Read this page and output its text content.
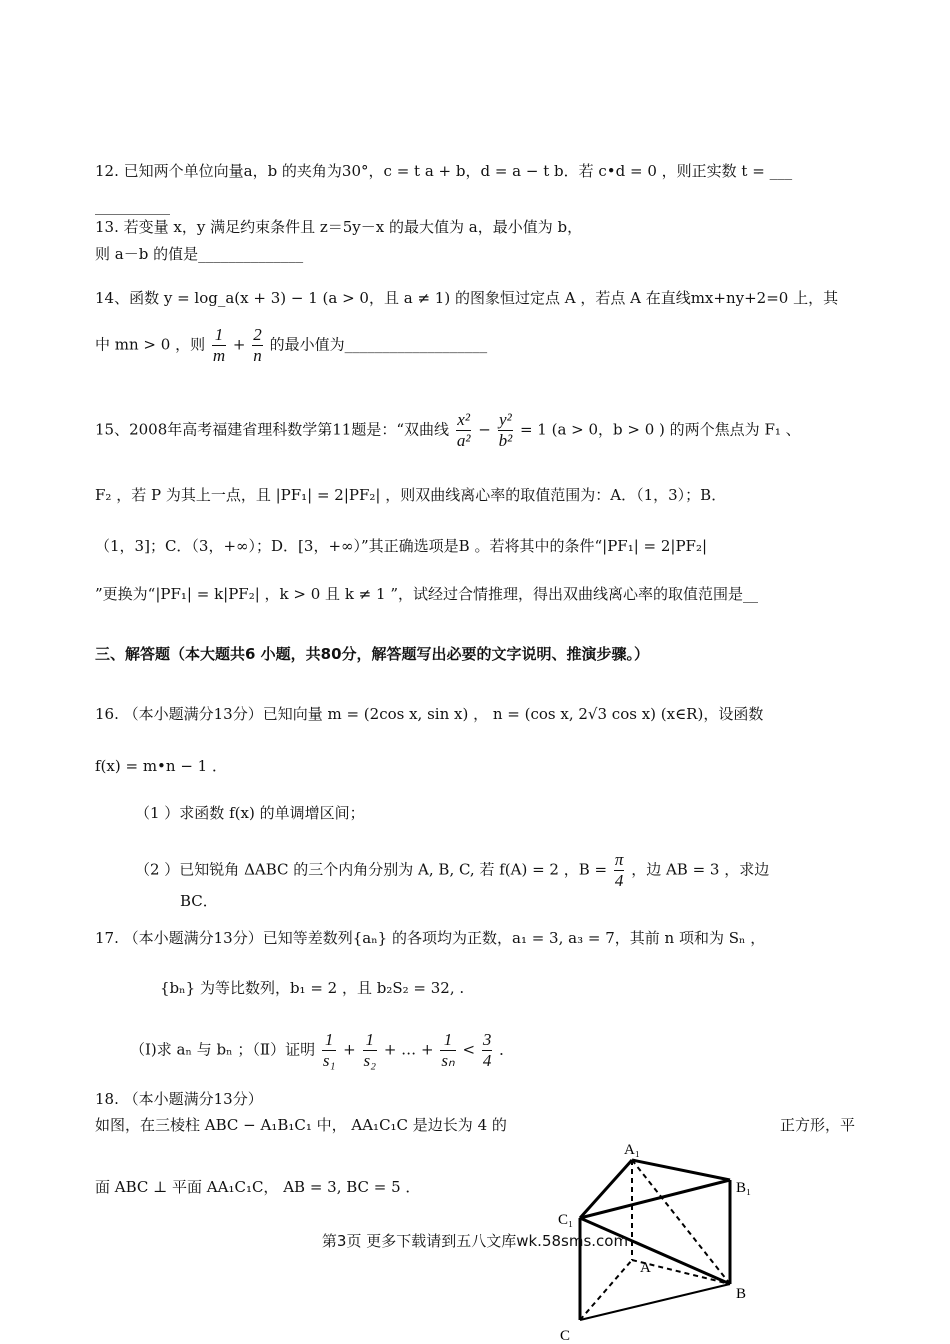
12. 已知两个单位向量a，b 的夹角为30°，c = t a + b，d = a − t b．若 c•d = 0 ，则正实数 t = ___
__________
13. 若变量 x，y 满足约束条件且 z＝5y－x 的最大值为 a，最小值为 b，
则 a－b 的值是______________
14、函数 y = log_a(x + 3) − 1 (a > 0，且 a ≠ 1) 的图象恒过定点 A ，若点 A 在直线mx+ny+2=0 上，其
中 mn > 0 ，则 $\frac{1}{m} + \frac{2}{n}$ 的最小值为___________________
15、2008年高考福建省理科数学第11题是：“双曲线 $\frac{\text{x²}}{\text{a²}} - \frac{\text{y²}}{\text{b²}} = 1$ (a > 0，b > 0 ) 的两个焦点为 F₁ 、
F₂ ，若 P 为其上一点，且 |PF₁| = 2|PF₂| ，则双曲线离心率的取值范围为：A．（1，3）；B．
（1，3]；C．（3，+∞）；D．[3，+∞）”其正确选项是B 。若将其中的条件“|PF₁| = 2|PF₂|
”更换为“|PF₁| = k|PF₂| ，k > 0 且 k ≠ 1 ”，试经过合情推理，得出双曲线离心率的取值范围是__
三、解答题（本大题共6 小题，共80分，解答题写出必要的文字说明、推演步骤。）
16. （本小题满分13分）已知向量 m = (2cos x, sin x) ， n = (cos x, 2√3 cos x) (x∈R)，设函数
f(x) = m•n − 1 ．
（1 ）求函数 f(x) 的单调增区间；
（2 ）已知锐角 ΔABC 的三个内角分别为 A, B, C, 若 f(A) = 2 ，$B = \frac{\pi}{4}$ ，边 AB = 3 ，求边
BC．
17. （本小题满分13分）已知等差数列{aₙ} 的各项均为正数，a₁ = 3, a₃ = 7，其前 n 项和为 Sₙ ，
{bₙ} 为等比数列，b₁ = 2 ，且 b₂S₂ = 32, .
（Ⅰ)求 aₙ 与 bₙ ；（Ⅱ）证明 $\frac{1}{\text{s₁}} + \frac{1}{\text{s₂}}$ + … + $\frac{1}{\text{sₙ}} < \frac{3}{4}$ ．
18. （本小题满分13分）
如图，在三棱柱 ABC − A₁B₁C₁ 中， AA₁C₁C 是边长为 4 的	正方形，平
面 ABC ⊥ 平面 AA₁C₁C， AB = 3, BC = 5 ．
A₁
B₁
C₁
A
B
C
第3页 更多下载请到五八文库wk.58sms.com
